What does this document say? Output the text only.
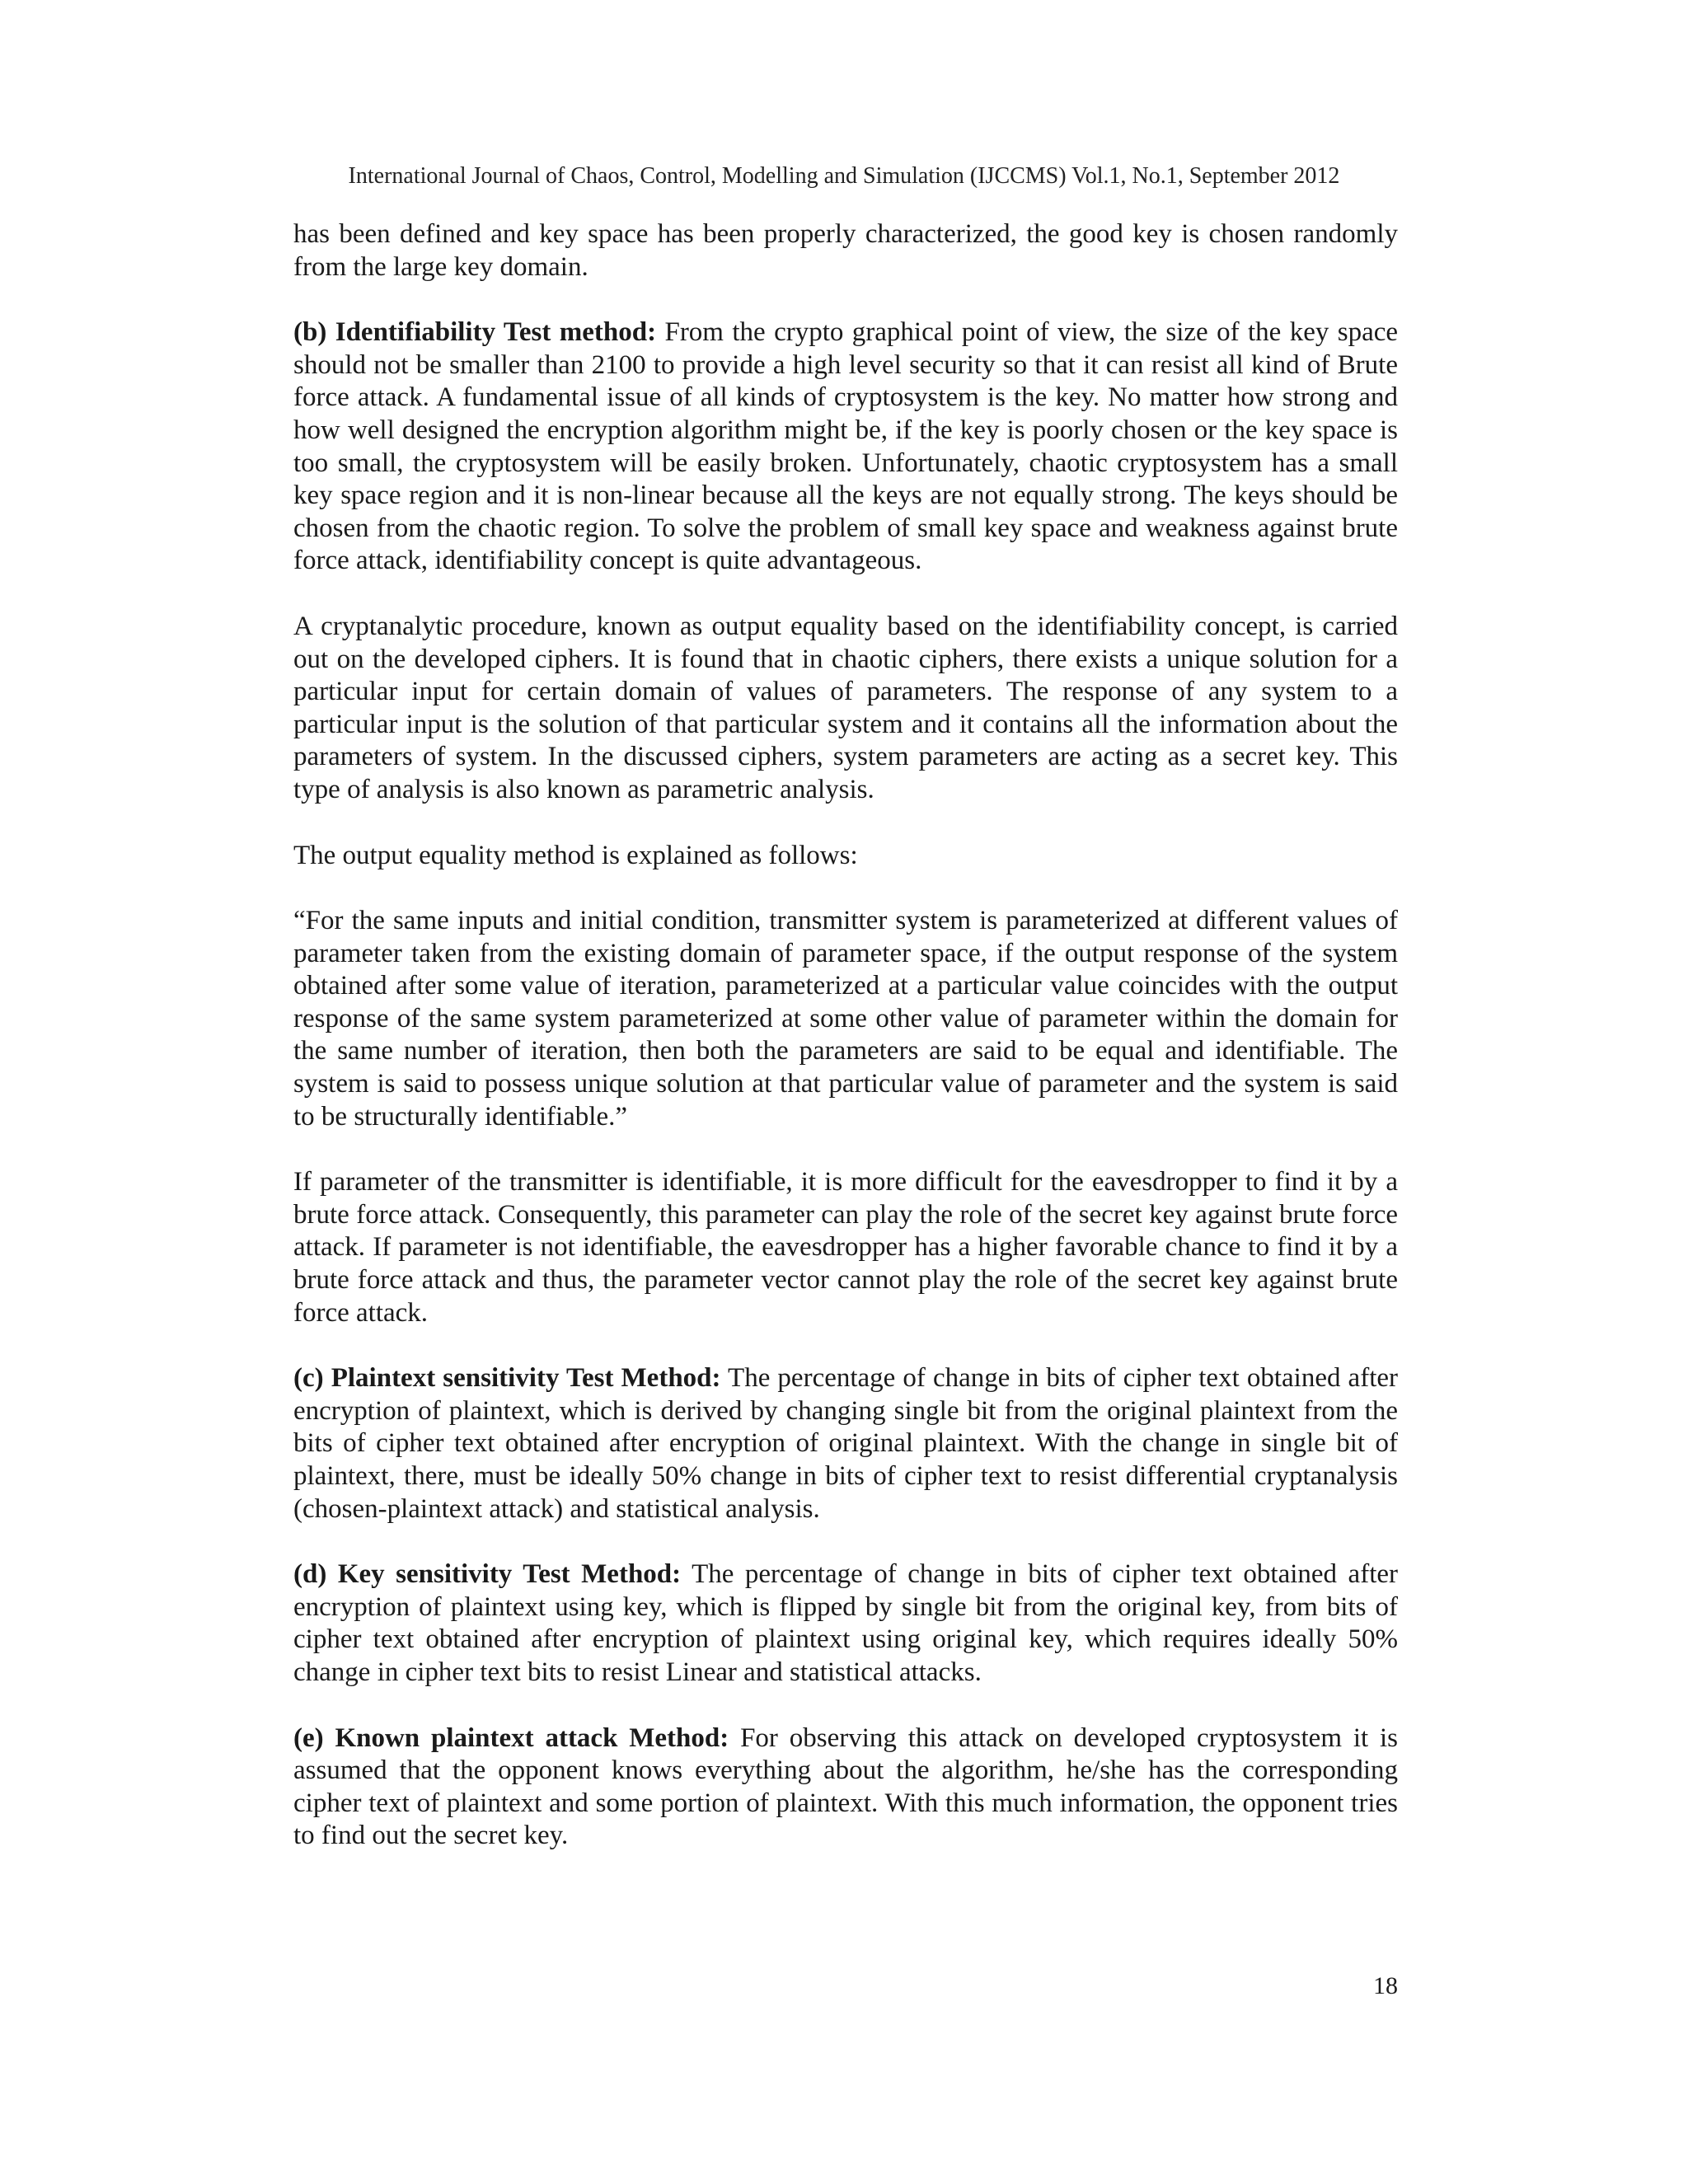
International Journal of Chaos, Control, Modelling and Simulation (IJCCMS) Vol.1, No.1, September 2012

has been defined and key space has been properly characterized, the good key is chosen randomly from the large key domain.

(b) Identifiability Test method: From the crypto graphical point of view, the size of the key space should not be smaller than 2100 to provide a high level security so that it can resist all kind of Brute force attack. A fundamental issue of all kinds of cryptosystem is the key. No matter how strong and how well designed the encryption algorithm might be, if the key is poorly chosen or the key space is too small, the cryptosystem will be easily broken. Unfortunately, chaotic cryptosystem has a small key space region and it is non-linear because all the keys are not equally strong. The keys should be chosen from the chaotic region. To solve the problem of small key space and weakness against brute force attack, identifiability concept is quite advantageous.

A cryptanalytic procedure, known as output equality based on the identifiability concept, is carried out on the developed ciphers. It is found that in chaotic ciphers, there exists a unique solution for a particular input for certain domain of values of parameters. The response of any system to a particular input is the solution of that particular system and it contains all the information about the parameters of system. In the discussed ciphers, system parameters are acting as a secret key. This type of analysis is also known as parametric analysis.

The output equality method is explained as follows:

“For the same inputs and initial condition, transmitter system is parameterized at different values of parameter taken from the existing domain of parameter space, if the output response of the system obtained after some value of iteration, parameterized at a particular value coincides with the output response of the same system parameterized at some other value of parameter within the domain for the same number of iteration, then both the parameters are said to be equal and identifiable. The system is said to possess unique solution at that particular value of parameter and the system is said to be structurally identifiable.”

If parameter of the transmitter is identifiable, it is more difficult for the eavesdropper to find it by a brute force attack. Consequently, this parameter can play the role of the secret key against brute force attack. If parameter is not identifiable, the eavesdropper has a higher favorable chance to find it by a brute force attack and thus, the parameter vector cannot play the role of the secret key against brute force attack.

(c) Plaintext sensitivity Test Method: The percentage of change in bits of cipher text obtained after encryption of plaintext, which is derived by changing single bit from the original plaintext from the bits of cipher text obtained after encryption of original plaintext. With the change in single bit of plaintext, there, must be ideally 50% change in bits of cipher text to resist differential cryptanalysis (chosen-plaintext attack) and statistical analysis.

(d) Key sensitivity Test Method: The percentage of change in bits of cipher text obtained after encryption of plaintext using key, which is flipped by single bit from the original key, from bits of cipher text obtained after encryption of plaintext using original key, which requires ideally 50% change in cipher text bits to resist Linear and statistical attacks.

(e) Known plaintext attack Method: For observing this attack on developed cryptosystem it is assumed that the opponent knows everything about the algorithm, he/she has the corresponding cipher text of plaintext and some portion of plaintext. With this much information, the opponent tries to find out the secret key.

18
